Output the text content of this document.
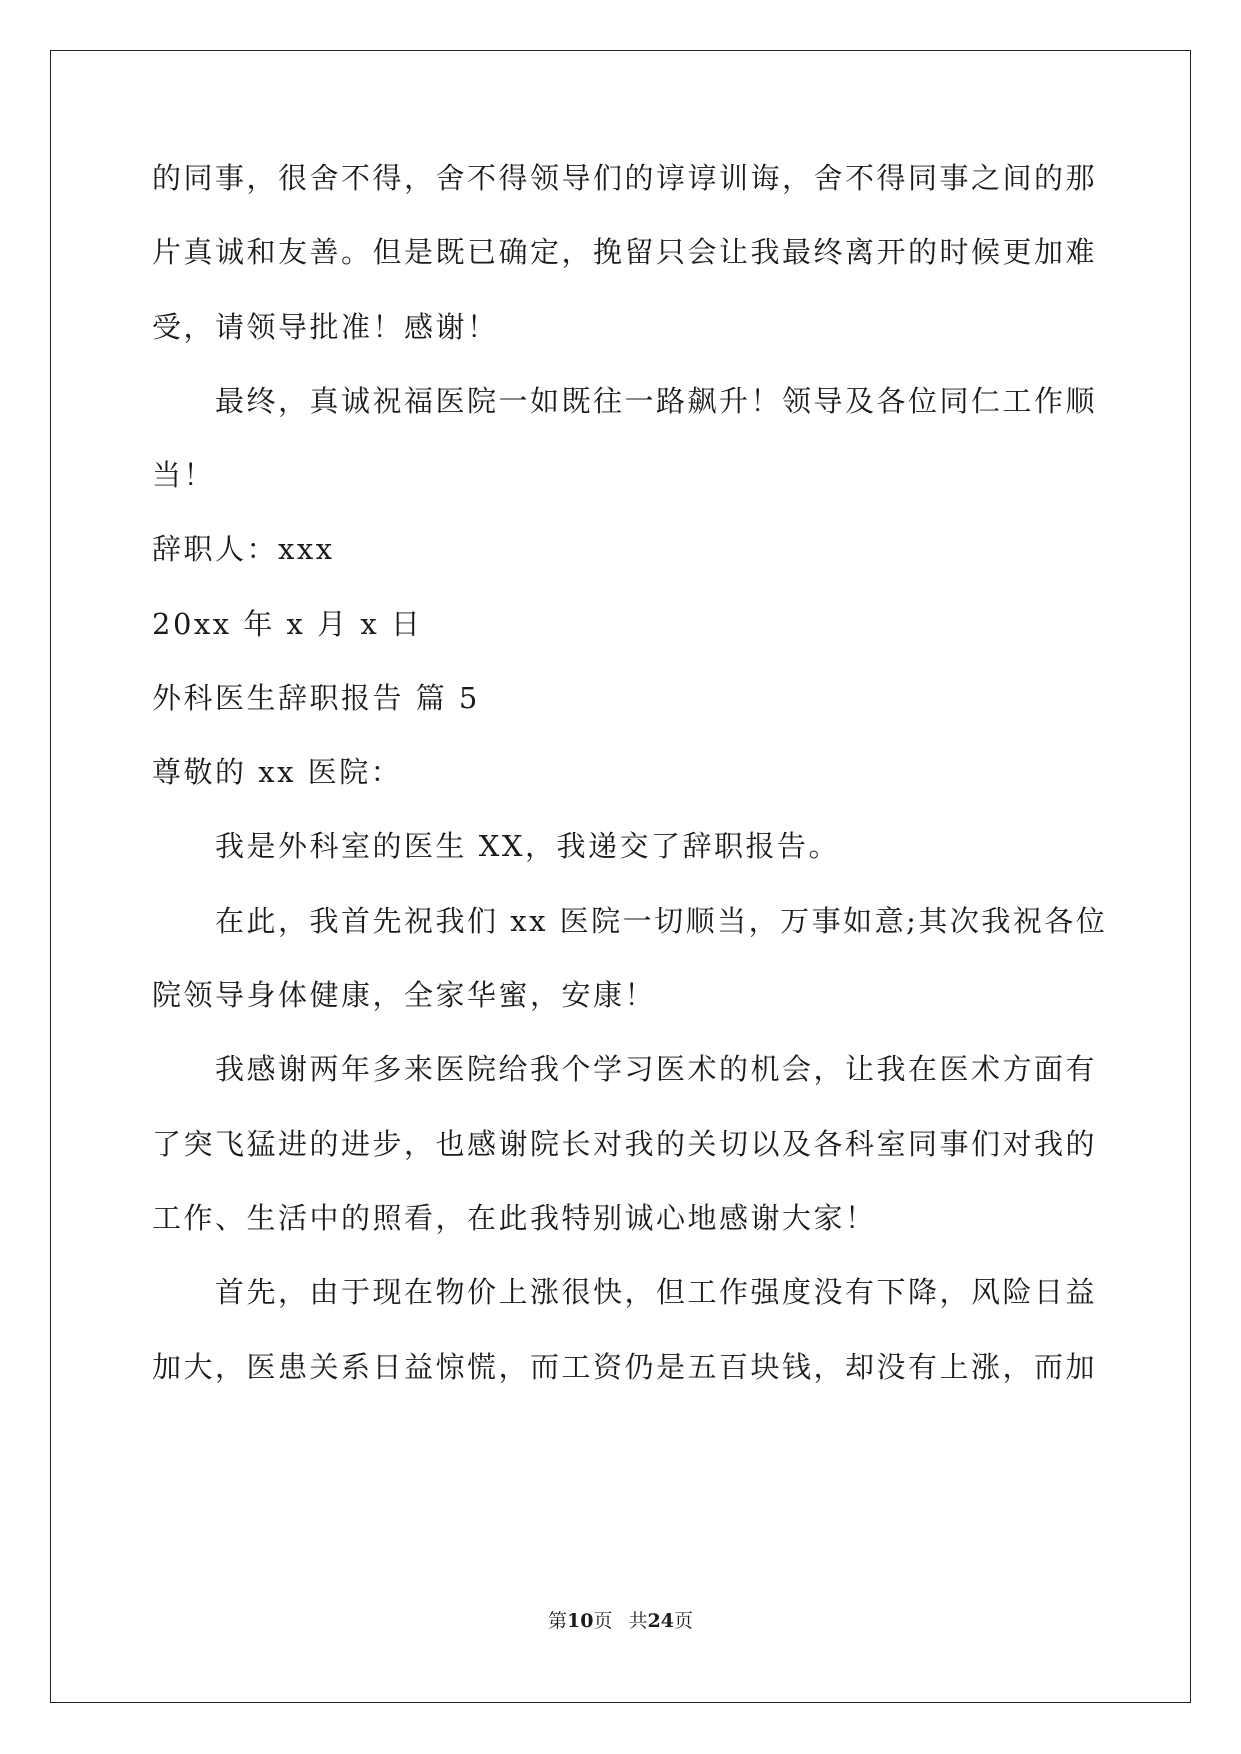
的同事，很舍不得，舍不得领导们的谆谆训诲，舍不得同事之间的那
片真诚和友善。但是既已确定，挽留只会让我最终离开的时候更加难
受，请领导批准！感谢！
最终，真诚祝福医院一如既往一路飙升！领导及各位同仁工作顺
当！
辞职人：xxx
20xx 年 x 月 x 日
外科医生辞职报告 篇 5
尊敬的 xx 医院：
我是外科室的医生 XX，我递交了辞职报告。
在此，我首先祝我们 xx 医院一切顺当，万事如意;其次我祝各位
院领导身体健康，全家华蜜，安康！
我感谢两年多来医院给我个学习医术的机会，让我在医术方面有
了突飞猛进的进步，也感谢院长对我的关切以及各科室同事们对我的
工作、生活中的照看，在此我特别诚心地感谢大家！
首先，由于现在物价上涨很快，但工作强度没有下降，风险日益
加大，医患关系日益惊慌，而工资仍是五百块钱，却没有上涨，而加
第10页 共24页
